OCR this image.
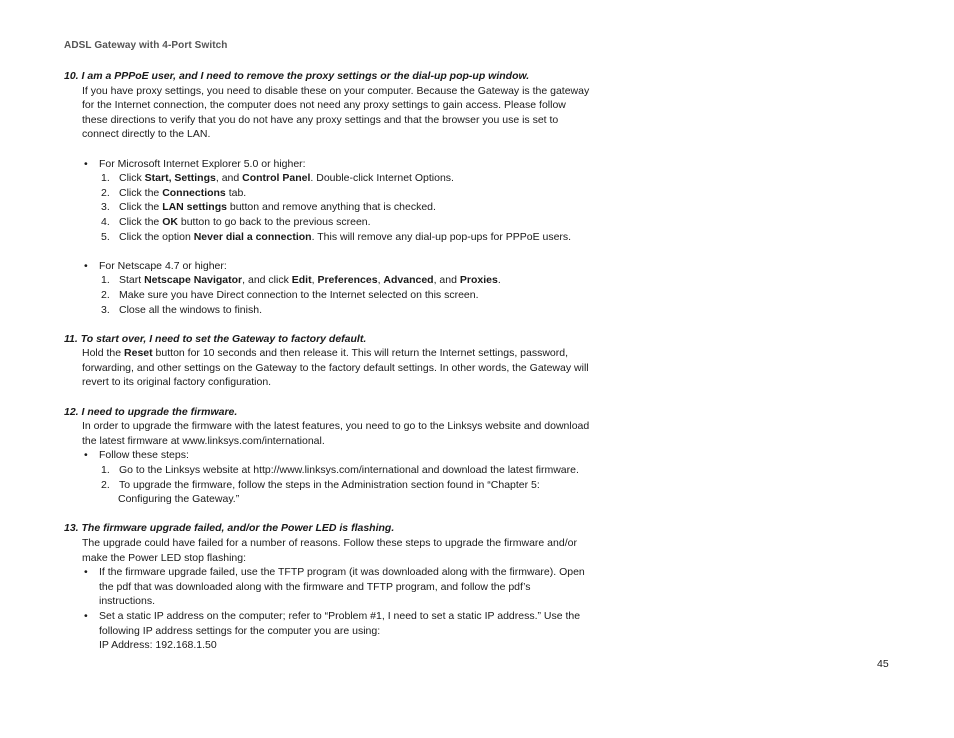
ADSL Gateway with 4-Port Switch

10. I am a PPPoE user, and I need to remove the proxy settings or the dial-up pop-up window.

If you have proxy settings, you need to disable these on your computer. Because the Gateway is the gateway

for the Internet connection, the computer does not need any proxy settings to gain access. Please follow

these directions to verify that you do not have any proxy settings and that the browser you use is set to

connect directly to the LAN.

• For Microsoft Internet Explorer 5.0 or higher:

1. Click Start, Settings, and Control Panel. Double-click Internet Options.

2. Click the Connections tab.

3. Click the LAN settings button and remove anything that is checked.

4. Click the OK button to go back to the previous screen.

5. Click the option Never dial a connection. This will remove any dial-up pop-ups for PPPoE users.

• For Netscape 4.7 or higher:

1. Start Netscape Navigator, and click Edit, Preferences, Advanced, and Proxies.

2. Make sure you have Direct connection to the Internet selected on this screen.

3. Close all the windows to finish.

11. To start over, I need to set the Gateway to factory default.

Hold the Reset button for 10 seconds and then release it. This will return the Internet settings, password,

forwarding, and other settings on the Gateway to the factory default settings. In other words, the Gateway will

revert to its original factory configuration.

12. I need to upgrade the firmware.

In order to upgrade the firmware with the latest features, you need to go to the Linksys website and download

the latest firmware at www.linksys.com/international.

• Follow these steps:

1. Go to the Linksys website at http://www.linksys.com/international and download the latest firmware.

2. To upgrade the firmware, follow the steps in the Administration section found in “Chapter 5:

Configuring the Gateway.”

13. The firmware upgrade failed, and/or the Power LED is flashing.

The upgrade could have failed for a number of reasons. Follow these steps to upgrade the firmware and/or

make the Power LED stop flashing:

• If the firmware upgrade failed, use the TFTP program (it was downloaded along with the firmware). Open

the pdf that was downloaded along with the firmware and TFTP program, and follow the pdf’s

instructions.

• Set a static IP address on the computer; refer to “Problem #1, I need to set a static IP address.” Use the

following IP address settings for the computer you are using:

IP Address: 192.168.1.50

45
